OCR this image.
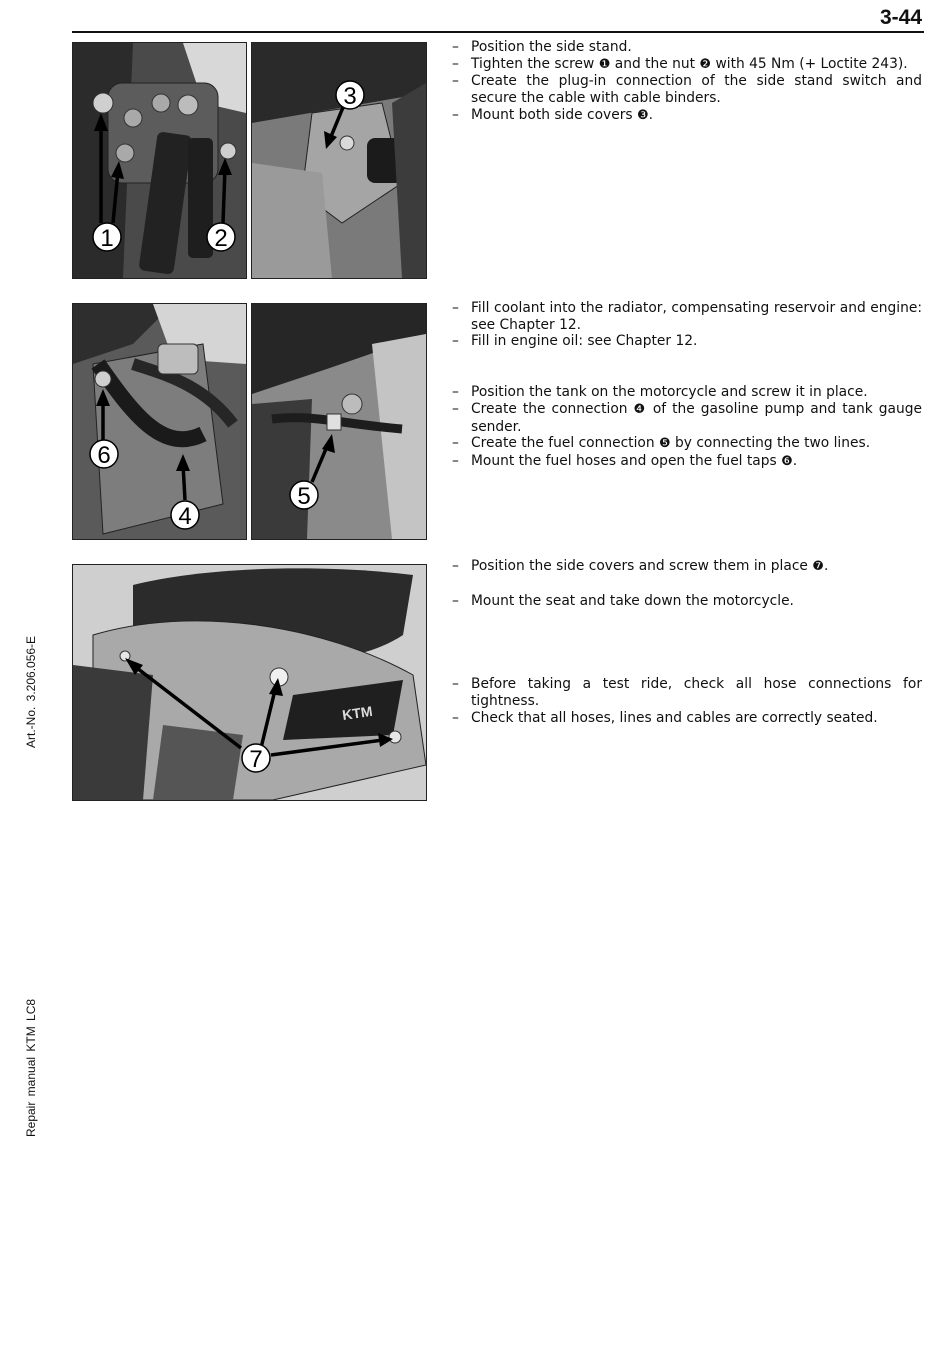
3-44
Art.-No. 3.206.056-E
Repair manual KTM LC8
1	2
3
6
4
5
KTM
7
– Position the side stand.
– Tighten the screw ❶ and the nut ❷ with 45 Nm (+ Loctite 243).
– Create the plug-in connection of the side stand switch and secure the cable with cable binders.
– Mount both side covers ❸.
– Fill coolant into the radiator, compensating reservoir and engine: see Chapter 12.
– Fill in engine oil: see Chapter 12.
– Position the tank on the motorcycle and screw it in place.
– Create the connection ❹ of the gasoline pump and tank gauge sender.
– Create the fuel connection ❺ by connecting the two lines.
– Mount the fuel hoses and open the fuel taps ❻.
– Position the side covers and screw them in place ❼.
– Mount the seat and take down the motorcycle.
– Before taking a test ride, check all hose connections for tightness.
– Check that all hoses, lines and cables are correctly seated.
